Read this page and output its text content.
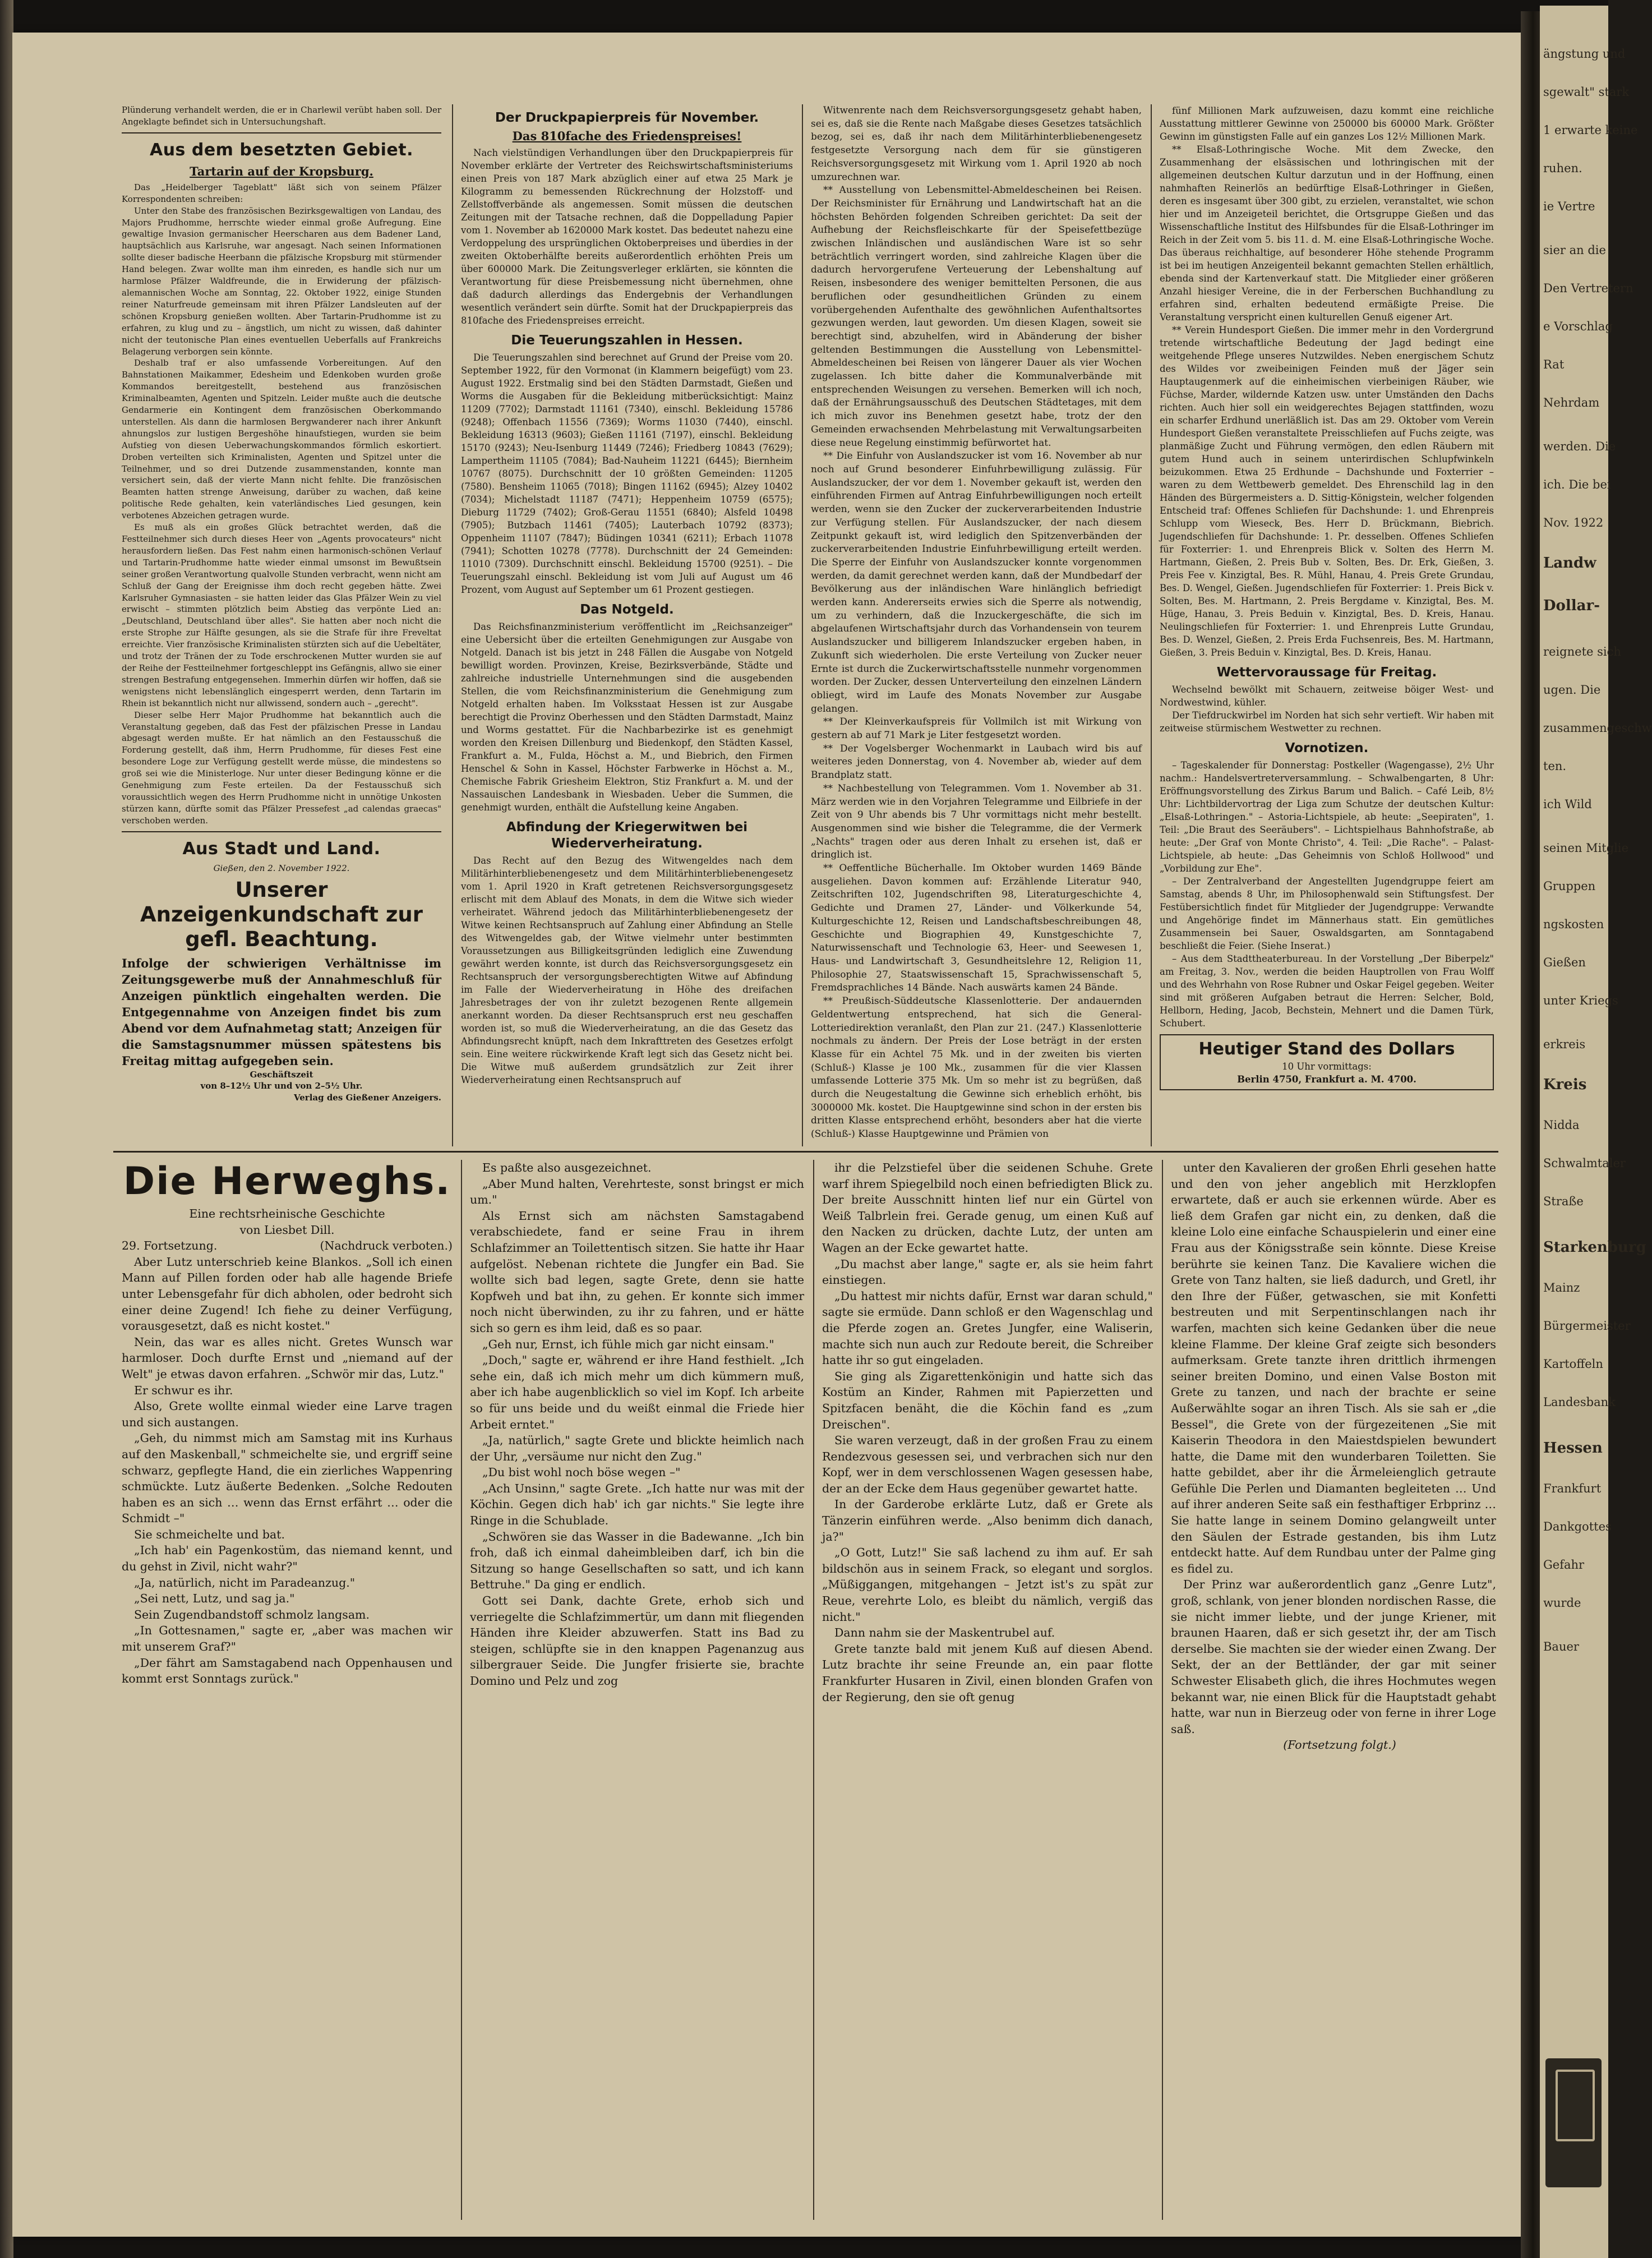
Plünderung verhandelt werden, die er in Charlewil verübt haben soll. Der Angeklagte befindet sich in Untersuchungshaft.

Aus dem besetzten Gebiet.
Tartarin auf der Kropsburg.

Das „Heidelberger Tageblatt" läßt sich von seinem Pfälzer Korrespondenten schreiben:

Unter den Stabe des französischen Bezirksgewaltigen von Landau, des Majors Prudhomme, herrschte wieder einmal große Aufregung. Eine gewaltige Invasion germanischer Heerscharen aus dem Badener Land, hauptsächlich aus Karlsruhe, war angesagt. Nach seinen Informationen sollte dieser badische Heerbann die pfälzische Kropsburg mit stürmender Hand belegen. Zwar wollte man ihm einreden, es handle sich nur um harmlose Pfälzer Waldfreunde, die in Erwiderung der pfälzisch-alemannischen Woche am Sonntag, 22. Oktober 1922, einige Stunden reiner Naturfreude gemeinsam mit ihren Pfälzer Landsleuten auf der schönen Kropsburg genießen wollten. Aber Tartarin-Prudhomme ist zu erfahren, zu klug und zu – ängstlich, um nicht zu wissen, daß dahinter nicht der teutonische Plan eines eventuellen Ueberfalls auf Frankreichs Belagerung verborgen sein könnte.

Deshalb traf er also umfassende Vorbereitungen. Auf den Bahnstationen Maikammer, Edesheim und Edenkoben wurden große Kommandos bereitgestellt, bestehend aus französischen Kriminalbeamten, Agenten und Spitzeln. Leider mußte auch die deutsche Gendarmerie ein Kontingent dem französischen Oberkommando unterstellen. Als dann die harmlosen Bergwanderer nach ihrer Ankunft ahnungslos zur lustigen Bergeshöhe hinaufstiegen, wurden sie beim Aufstieg von diesen Ueberwachungskommandos förmlich eskortiert. Droben verteilten sich Kriminalisten, Agenten und Spitzel unter die Teilnehmer, und so drei Dutzende zusammenstanden, konnte man versichert sein, daß der vierte Mann nicht fehlte. Die französischen Beamten hatten strenge Anweisung, darüber zu wachen, daß keine politische Rede gehalten, kein vaterländisches Lied gesungen, kein verbotenes Abzeichen getragen wurde.

Es muß als ein großes Glück betrachtet werden, daß die Festteilnehmer sich durch dieses Heer von „Agents provocateurs" nicht herausfordern ließen. Das Fest nahm einen harmonisch-schönen Verlauf und Tartarin-Prudhomme hatte wieder einmal umsonst im Bewußtsein seiner großen Verantwortung qualvolle Stunden verbracht, wenn nicht am Schluß der Gang der Ereignisse ihm doch recht gegeben hätte. Zwei Karlsruher Gymnasiasten – sie hatten leider das Glas Pfälzer Wein zu viel erwischt – stimmten plötzlich beim Abstieg das verpönte Lied an: „Deutschland, Deutschland über alles". Sie hatten aber noch nicht die erste Strophe zur Hälfte gesungen, als sie die Strafe für ihre Freveltat erreichte. Vier französische Kriminalisten stürzten sich auf die Uebeltäter, und trotz der Tränen der zu Tode erschrockenen Mutter wurden sie auf der Reihe der Festteilnehmer fortgeschleppt ins Gefängnis, allwo sie einer strengen Bestrafung entgegensehen. Immerhin dürfen wir hoffen, daß sie wenigstens nicht lebenslänglich eingesperrt werden, denn Tartarin im Rhein ist bekanntlich nicht nur allwissend, sondern auch – „gerecht".

Dieser selbe Herr Major Prudhomme hat bekanntlich auch die Veranstaltung gegeben, daß das Fest der pfälzischen Presse in Landau abgesagt werden mußte. Er hat nämlich an den Festausschuß die Forderung gestellt, daß ihm, Herrn Prudhomme, für dieses Fest eine besondere Loge zur Verfügung gestellt werde müsse, die mindestens so groß sei wie die Ministerloge. Nur unter dieser Bedingung könne er die Genehmigung zum Feste erteilen. Da der Festausschuß sich voraussichtlich wegen des Herrn Prudhomme nicht in unnötige Unkosten stürzen kann, dürfte somit das Pfälzer Pressefest „ad calendas graecas" verschoben werden.

Aus Stadt und Land.

Gießen, den 2. November 1922.

Unserer Anzeigenkundschaft zur gefl. Beachtung.

Infolge der schwierigen Verhältnisse im Zeitungsgewerbe muß der Annahmeschluß für Anzeigen pünktlich eingehalten werden. Die Entgegennahme von Anzeigen findet bis zum Abend vor dem Aufnahmetag statt; Anzeigen für die Samstagsnummer müssen spätestens bis Freitag mittag aufgegeben sein.

Geschäftszeit

von 8–12½ Uhr und von 2–5½ Uhr.

Verlag des Gießener Anzeigers.

Der Druckpapierpreis für November.
Das 810fache des Friedenspreises!

Nach vielstündigen Verhandlungen über den Druckpapierpreis für November erklärte der Vertreter des Reichswirtschaftsministeriums einen Preis von 187 Mark abzüglich einer auf etwa 25 Mark je Kilogramm zu bemessenden Rückrechnung der Holzstoff- und Zellstoffverbände als angemessen. Somit müssen die deutschen Zeitungen mit der Tatsache rechnen, daß die Doppelladung Papier vom 1. November ab 1620000 Mark kostet. Das bedeutet nahezu eine Verdoppelung des ursprünglichen Oktoberpreises und überdies in der zweiten Oktoberhälfte bereits außerordentlich erhöhten Preis um über 600000 Mark. Die Zeitungsverleger erklärten, sie könnten die Verantwortung für diese Preisbemessung nicht übernehmen, ohne daß dadurch allerdings das Endergebnis der Verhandlungen wesentlich verändert sein dürfte. Somit hat der Druckpapierpreis das 810fache des Friedenspreises erreicht.

Die Teuerungszahlen in Hessen.

Die Teuerungszahlen sind berechnet auf Grund der Preise vom 20. September 1922, für den Vormonat (in Klammern beigefügt) vom 23. August 1922. Erstmalig sind bei den Städten Darmstadt, Gießen und Worms die Ausgaben für die Bekleidung mitberücksichtigt: Mainz 11209 (7702); Darmstadt 11161 (7340), einschl. Bekleidung 15786 (9248); Offenbach 11556 (7369); Worms 11030 (7440), einschl. Bekleidung 16313 (9603); Gießen 11161 (7197), einschl. Bekleidung 15170 (9243); Neu-Isenburg 11449 (7246); Friedberg 10843 (7629); Lampertheim 11105 (7084); Bad-Nauheim 11221 (6445); Biernheim 10767 (8075). Durchschnitt der 10 größten Gemeinden: 11205 (7580). Bensheim 11065 (7018); Bingen 11162 (6945); Alzey 10402 (7034); Michelstadt 11187 (7471); Heppenheim 10759 (6575); Dieburg 11729 (7402); Groß-Gerau 11551 (6840); Alsfeld 10498 (7905); Butzbach 11461 (7405); Lauterbach 10792 (8373); Oppenheim 11107 (7847); Büdingen 10341 (6211); Erbach 11078 (7941); Schotten 10278 (7778). Durchschnitt der 24 Gemeinden: 11010 (7309). Durchschnitt einschl. Bekleidung 15700 (9251). – Die Teuerungszahl einschl. Bekleidung ist vom Juli auf August um 46 Prozent, vom August auf September um 61 Prozent gestiegen.

Das Notgeld.

Das Reichsfinanzministerium veröffentlicht im „Reichsanzeiger" eine Uebersicht über die erteilten Genehmigungen zur Ausgabe von Notgeld. Danach ist bis jetzt in 248 Fällen die Ausgabe von Notgeld bewilligt worden. Provinzen, Kreise, Bezirksverbände, Städte und zahlreiche industrielle Unternehmungen sind die ausgebenden Stellen, die vom Reichsfinanzministerium die Genehmigung zum Notgeld erhalten haben. Im Volksstaat Hessen ist zur Ausgabe berechtigt die Provinz Oberhessen und den Städten Darmstadt, Mainz und Worms gestattet. Für die Nachbarbezirke ist es genehmigt worden den Kreisen Dillenburg und Biedenkopf, den Städten Kassel, Frankfurt a. M., Fulda, Höchst a. M., und Biebrich, den Firmen Henschel & Sohn in Kassel, Höchster Farbwerke in Höchst a. M., Chemische Fabrik Griesheim Elektron, Stiz Frankfurt a. M. und der Nassauischen Landesbank in Wiesbaden. Ueber die Summen, die genehmigt wurden, enthält die Aufstellung keine Angaben.

Abfindung der Kriegerwitwen bei Wiederverheiratung.

Das Recht auf den Bezug des Witwengeldes nach dem Militärhinterbliebenengesetz und dem Militärhinterbliebenengesetz vom 1. April 1920 in Kraft getretenen Reichsversorgungsgesetz erlischt mit dem Ablauf des Monats, in dem die Witwe sich wieder verheiratet. Während jedoch das Militärhinterbliebenengesetz der Witwe keinen Rechtsanspruch auf Zahlung einer Abfindung an Stelle des Witwengeldes gab, der Witwe vielmehr unter bestimmten Voraussetzungen aus Billigkeitsgründen lediglich eine Zuwendung gewährt werden konnte, ist durch das Reichsversorgungsgesetz ein Rechtsanspruch der versorgungsberechtigten Witwe auf Abfindung im Falle der Wiederverheiratung in Höhe des dreifachen Jahresbetrages der von ihr zuletzt bezogenen Rente allgemein anerkannt worden. Da dieser Rechtsanspruch erst neu geschaffen worden ist, so muß die Wiederverheiratung, an die das Gesetz das Abfindungsrecht knüpft, nach dem Inkrafttreten des Gesetzes erfolgt sein. Eine weitere rückwirkende Kraft legt sich das Gesetz nicht bei. Die Witwe muß außerdem grundsätzlich zur Zeit ihrer Wiederverheiratung einen Rechtsanspruch auf

Witwenrente nach dem Reichsversorgungsgesetz gehabt haben, sei es, daß sie die Rente nach Maßgabe dieses Gesetzes tatsächlich bezog, sei es, daß ihr nach dem Militärhinterbliebenengesetz festgesetzte Versorgung nach dem für sie günstigeren Reichsversorgungsgesetz mit Wirkung vom 1. April 1920 ab noch umzurechnen war.

** Ausstellung von Lebensmittel-Abmeldescheinen bei Reisen. Der Reichsminister für Ernährung und Landwirtschaft hat an die höchsten Behörden folgenden Schreiben gerichtet: Da seit der Aufhebung der Reichsfleischkarte für der Speisefettbezüge zwischen Inländischen und ausländischen Ware ist so sehr beträchtlich verringert worden, sind zahlreiche Klagen über die dadurch hervorgerufene Verteuerung der Lebenshaltung auf Reisen, insbesondere des weniger bemittelten Personen, die aus beruflichen oder gesundheitlichen Gründen zu einem vorübergehenden Aufenthalte des gewöhnlichen Aufenthaltsortes gezwungen werden, laut geworden. Um diesen Klagen, soweit sie berechtigt sind, abzuhelfen, wird in Abänderung der bisher geltenden Bestimmungen die Ausstellung von Lebensmittel-Abmeldescheinen bei Reisen von längerer Dauer als vier Wochen zugelassen. Ich bitte daher die Kommunalverbände mit entsprechenden Weisungen zu versehen. Bemerken will ich noch, daß der Ernährungsausschuß des Deutschen Städtetages, mit dem ich mich zuvor ins Benehmen gesetzt habe, trotz der den Gemeinden erwachsenden Mehrbelastung mit Verwaltungsarbeiten diese neue Regelung einstimmig befürwortet hat.

** Die Einfuhr von Auslandszucker ist vom 16. November ab nur noch auf Grund besonderer Einfuhrbewilligung zulässig. Für Auslandszucker, der vor dem 1. November gekauft ist, werden den einführenden Firmen auf Antrag Einfuhrbewilligungen noch erteilt werden, wenn sie den Zucker der zuckerverarbeitenden Industrie zur Verfügung stellen. Für Auslandszucker, der nach diesem Zeitpunkt gekauft ist, wird lediglich den Spitzenverbänden der zuckerverarbeitenden Industrie Einfuhrbewilligung erteilt werden. Die Sperre der Einfuhr von Auslandszucker konnte vorgenommen werden, da damit gerechnet werden kann, daß der Mundbedarf der Bevölkerung aus der inländischen Ware hinlänglich befriedigt werden kann. Andererseits erwies sich die Sperre als notwendig, um zu verhindern, daß die Inzuckergeschäfte, die sich im abgelaufenen Wirtschaftsjahr durch das Vorhandensein von teurem Auslandszucker und billigerem Inlandszucker ergeben haben, in Zukunft sich wiederholen. Die erste Verteilung von Zucker neuer Ernte ist durch die Zuckerwirtschaftsstelle nunmehr vorgenommen worden. Der Zucker, dessen Unterverteilung den einzelnen Ländern obliegt, wird im Laufe des Monats November zur Ausgabe gelangen.

** Der Kleinverkaufspreis für Vollmilch ist mit Wirkung von gestern ab auf 71 Mark je Liter festgesetzt worden.

** Der Vogelsberger Wochenmarkt in Laubach wird bis auf weiteres jeden Donnerstag, von 4. November ab, wieder auf dem Brandplatz statt.

** Nachbestellung von Telegrammen. Vom 1. November ab 31. März werden wie in den Vorjahren Telegramme und Eilbriefe in der Zeit von 9 Uhr abends bis 7 Uhr vormittags nicht mehr bestellt. Ausgenommen sind wie bisher die Telegramme, die der Vermerk „Nachts" tragen oder aus deren Inhalt zu ersehen ist, daß er dringlich ist.

** Oeffentliche Bücherhalle. Im Oktober wurden 1469 Bände ausgeliehen. Davon kommen auf: Erzählende Literatur 940, Zeitschriften 102, Jugendschriften 98, Literaturgeschichte 4, Gedichte und Dramen 27, Länder- und Völkerkunde 54, Kulturgeschichte 12, Reisen und Landschaftsbeschreibungen 48, Geschichte und Biographien 49, Kunstgeschichte 7, Naturwissenschaft und Technologie 63, Heer- und Seewesen 1, Haus- und Landwirtschaft 3, Gesundheitslehre 12, Religion 11, Philosophie 27, Staatswissenschaft 15, Sprachwissenschaft 5, Fremdsprachliches 14 Bände. Nach auswärts kamen 24 Bände.

** Preußisch-Süddeutsche Klassenlotterie. Der andauernden Geldentwertung entsprechend, hat sich die General-Lotteriedirektion veranlaßt, den Plan zur 21. (247.) Klassenlotterie nochmals zu ändern. Der Preis der Lose beträgt in der ersten Klasse für ein Achtel 75 Mk. und in der zweiten bis vierten (Schluß-) Klasse je 100 Mk., zusammen für die vier Klassen umfassende Lotterie 375 Mk. Um so mehr ist zu begrüßen, daß durch die Neugestaltung die Gewinne sich erheblich erhöht, bis 3000000 Mk. kostet. Die Hauptgewinne sind schon in der ersten bis dritten Klasse entsprechend erhöht, besonders aber hat die vierte (Schluß-) Klasse Hauptgewinne und Prämien von

fünf Millionen Mark aufzuweisen, dazu kommt eine reichliche Ausstattung mittlerer Gewinne von 250000 bis 60000 Mark. Größter Gewinn im günstigsten Falle auf ein ganzes Los 12½ Millionen Mark.

** Elsaß-Lothringische Woche. Mit dem Zwecke, den Zusammenhang der elsässischen und lothringischen mit der allgemeinen deutschen Kultur darzutun und in der Hoffnung, einen nahmhaften Reinerlös an bedürftige Elsaß-Lothringer in Gießen, deren es insgesamt über 300 gibt, zu erzielen, veranstaltet, wie schon hier und im Anzeigeteil berichtet, die Ortsgruppe Gießen und das Wissenschaftliche Institut des Hilfsbundes für die Elsaß-Lothringer im Reich in der Zeit vom 5. bis 11. d. M. eine Elsaß-Lothringische Woche. Das überaus reichhaltige, auf besonderer Höhe stehende Programm ist bei im heutigen Anzeigenteil bekannt gemachten Stellen erhältlich, ebenda sind der Kartenverkauf statt. Die Mitglieder einer größeren Anzahl hiesiger Vereine, die in der Ferberschen Buchhandlung zu erfahren sind, erhalten bedeutend ermäßigte Preise. Die Veranstaltung verspricht einen kulturellen Genuß eigener Art.

** Verein Hundesport Gießen. Die immer mehr in den Vordergrund tretende wirtschaftliche Bedeutung der Jagd bedingt eine weitgehende Pflege unseres Nutzwildes. Neben energischem Schutz des Wildes vor zweibeinigen Feinden muß der Jäger sein Hauptaugenmerk auf die einheimischen vierbeinigen Räuber, wie Füchse, Marder, wildernde Katzen usw. unter Umständen den Dachs richten. Auch hier soll ein weidgerechtes Bejagen stattfinden, wozu ein scharfer Erdhund unerläßlich ist. Das am 29. Oktober vom Verein Hundesport Gießen veranstaltete Preisschliefen auf Fuchs zeigte, was planmäßige Zucht und Führung vermögen, den edlen Räubern mit gutem Hund auch in seinem unterirdischen Schlupfwinkeln beizukommen. Etwa 25 Erdhunde – Dachshunde und Foxterrier – waren zu dem Wettbewerb gemeldet. Des Ehrenschild lag in den Händen des Bürgermeisters a. D. Sittig-Königstein, welcher folgenden Entscheid traf: Offenes Schliefen für Dachshunde: 1. und Ehrenpreis Schlupp vom Wieseck, Bes. Herr D. Brückmann, Biebrich. Jugendschliefen für Dachshunde: 1. Pr. desselben. Offenes Schliefen für Foxterrier: 1. und Ehrenpreis Blick v. Solten des Herrn M. Hartmann, Gießen, 2. Preis Bub v. Solten, Bes. Dr. Erk, Gießen, 3. Preis Fee v. Kinzigtal, Bes. R. Mühl, Hanau, 4. Preis Grete Grundau, Bes. D. Wengel, Gießen. Jugendschliefen für Foxterrier: 1. Preis Bick v. Solten, Bes. M. Hartmann, 2. Preis Bergdame v. Kinzigtal, Bes. M. Hüge, Hanau, 3. Preis Beduin v. Kinzigtal, Bes. D. Kreis, Hanau. Neulingschliefen für Foxterrier: 1. und Ehrenpreis Lutte Grundau, Bes. D. Wenzel, Gießen, 2. Preis Erda Fuchsenreis, Bes. M. Hartmann, Gießen, 3. Preis Beduin v. Kinzigtal, Bes. D. Kreis, Hanau.

Wettervoraussage für Freitag.

Wechselnd bewölkt mit Schauern, zeitweise böiger West- und Nordwestwind, kühler.

Der Tiefdruckwirbel im Norden hat sich sehr vertieft. Wir haben mit zeitweise stürmischem Westwetter zu rechnen.

Vornotizen.

– Tageskalender für Donnerstag: Postkeller (Wagengasse), 2½ Uhr nachm.: Handelsvertreterversammlung. – Schwalbengarten, 8 Uhr: Eröffnungsvorstellung des Zirkus Barum und Balich. – Café Leib, 8½ Uhr: Lichtbildervortrag der Liga zum Schutze der deutschen Kultur: „Elsaß-Lothringen." – Astoria-Lichtspiele, ab heute: „Seepiraten", 1. Teil: „Die Braut des Seeräubers". – Lichtspielhaus Bahnhofstraße, ab heute: „Der Graf von Monte Christo", 4. Teil: „Die Rache". – Palast-Lichtspiele, ab heute: „Das Geheimnis von Schloß Hollwood" und „Vorbildung zur Ehe".

– Der Zentralverband der Angestellten Jugendgruppe feiert am Samstag, abends 8 Uhr, im Philosophenwald sein Stiftungsfest. Der Festübersichtlich findet für Mitglieder der Jugendgruppe: Verwandte und Angehörige findet im Männerhaus statt. Ein gemütliches Zusammensein bei Sauer, Oswaldsgarten, am Sonntagabend beschließt die Feier. (Siehe Inserat.)

– Aus dem Stadttheaterbureau. In der Vorstellung „Der Biberpelz" am Freitag, 3. Nov., werden die beiden Hauptrollen von Frau Wolff und des Wehrhahn von Rose Rubner und Oskar Feigel gegeben. Weiter sind mit größeren Aufgaben betraut die Herren: Selcher, Bold, Hellborn, Heding, Jacob, Bechstein, Mehnert und die Damen Türk, Schubert.

Heutiger Stand des Dollars

10 Uhr vormittags:

Berlin 4750, Frankfurt a. M. 4700.

Die Herweghs.

Eine rechtsrheinische Geschichte

von Liesbet Dill.

29. Fortsetzung.	(Nachdruck verboten.)

Aber Lutz unterschrieb keine Blankos. „Soll ich einen Mann auf Pillen forden oder hab alle hagende Briefe unter Lebensgefahr für dich abholen, oder bedroht sich einer deine Zugend! Ich fiehe zu deiner Verfügung, vorausgesetzt, daß es nicht kostet."

Nein, das war es alles nicht. Gretes Wunsch war harmloser. Doch durfte Ernst und „niemand auf der Welt" je etwas davon erfahren. „Schwör mir das, Lutz."

Er schwur es ihr.

Also, Grete wollte einmal wieder eine Larve tragen und sich austangen.

„Geh, du nimmst mich am Samstag mit ins Kurhaus auf den Maskenball," schmeichelte sie, und ergriff seine schwarz, gepflegte Hand, die ein zierliches Wappenring schmückte. Lutz äußerte Bedenken. „Solche Redouten haben es an sich … wenn das Ernst erfährt … oder die Schmidt –"

Sie schmeichelte und bat.

„Ich hab' ein Pagenkostüm, das niemand kennt, und du gehst in Zivil, nicht wahr?"

„Ja, natürlich, nicht im Paradeanzug."

„Sei nett, Lutz, und sag ja."

Sein Zugendbandstoff schmolz langsam.

„In Gottesnamen," sagte er, „aber was machen wir mit unserem Graf?"

„Der fährt am Samstagabend nach Oppenhausen und kommt erst Sonntags zurück."

Es paßte also ausgezeichnet.

„Aber Mund halten, Verehrteste, sonst bringst er mich um."

Als Ernst sich am nächsten Samstagabend verabschiedete, fand er seine Frau in ihrem Schlafzimmer an Toilettentisch sitzen. Sie hatte ihr Haar aufgelöst. Nebenan richtete die Jungfer ein Bad. Sie wollte sich bad legen, sagte Grete, denn sie hatte Kopfweh und bat ihn, zu gehen. Er konnte sich immer noch nicht überwinden, zu ihr zu fahren, und er hätte sich so gern es ihm leid, daß es so paar.

„Geh nur, Ernst, ich fühle mich gar nicht einsam."

„Doch," sagte er, während er ihre Hand festhielt. „Ich sehe ein, daß ich mich mehr um dich kümmern muß, aber ich habe augenblicklich so viel im Kopf. Ich arbeite so für uns beide und du weißt einmal die Friede hier Arbeit erntet."

„Ja, natürlich," sagte Grete und blickte heimlich nach der Uhr, „versäume nur nicht den Zug."

„Du bist wohl noch böse wegen –"

„Ach Unsinn," sagte Grete. „Ich hatte nur was mit der Köchin. Gegen dich hab' ich gar nichts." Sie legte ihre Ringe in die Schublade.

„Schwören sie das Wasser in die Badewanne. „Ich bin froh, daß ich einmal daheimbleiben darf, ich bin die Sitzung so hange Gesellschaften so satt, und ich kann Bettruhe." Da ging er endlich.

Gott sei Dank, dachte Grete, erhob sich und verriegelte die Schlafzimmertür, um dann mit fliegenden Händen ihre Kleider abzuwerfen. Statt ins Bad zu steigen, schlüpfte sie in den knappen Pagenanzug aus silbergrauer Seide. Die Jungfer frisierte sie, brachte Domino und Pelz und zog

ihr die Pelzstiefel über die seidenen Schuhe. Grete warf ihrem Spiegelbild noch einen befriedigten Blick zu. Der breite Ausschnitt hinten lief nur ein Gürtel von Weiß Talbrlein frei. Gerade genug, um einen Kuß auf den Nacken zu drücken, dachte Lutz, der unten am Wagen an der Ecke gewartet hatte.

„Du machst aber lange," sagte er, als sie heim fahrt einstiegen.

„Du hattest mir nichts dafür, Ernst war daran schuld," sagte sie ermüde. Dann schloß er den Wagenschlag und die Pferde zogen an. Gretes Jungfer, eine Waliserin, machte sich nun auch zur Redoute bereit, die Schreiber hatte ihr so gut eingeladen.

Sie ging als Zigarettenkönigin und hatte sich das Kostüm an Kinder, Rahmen mit Papierzetten und Spitzfacen benäht, die die Köchin fand es „zum Dreischen".

Sie waren verzeugt, daß in der großen Frau zu einem Rendezvous gesessen sei, und verbrachen sich nur den Kopf, wer in dem verschlossenen Wagen gesessen habe, der an der Ecke dem Haus gegenüber gewartet hatte.

In der Garderobe erklärte Lutz, daß er Grete als Tänzerin einführen werde. „Also benimm dich danach, ja?"

„O Gott, Lutz!" Sie saß lachend zu ihm auf. Er sah bildschön aus in seinem Frack, so elegant und sorglos. „Müßiggangen, mitgehangen – Jetzt ist's zu spät zur Reue, verehrte Lolo, es bleibt du nämlich, vergiß das nicht."

Dann nahm sie der Maskentrubel auf.

Grete tanzte bald mit jenem Kuß auf diesen Abend. Lutz brachte ihr seine Freunde an, ein paar flotte Frankfurter Husaren in Zivil, einen blonden Grafen von der Regierung, den sie oft genug

unter den Kavalieren der großen Ehrli gesehen hatte und den von jeher angeblich mit Herzklopfen erwartete, daß er auch sie erkennen würde. Aber es ließ dem Grafen gar nicht ein, zu denken, daß die kleine Lolo eine einfache Schauspielerin und einer eine Frau aus der Königsstraße sein könnte. Diese Kreise berührte sie keinen Tanz. Die Kavaliere wichen die Grete von Tanz halten, sie ließ dadurch, und Gretl, ihr den Ihre der Füßer, getwaschen, sie mit Konfetti bestreuten und mit Serpentinschlangen nach ihr warfen, machten sich keine Gedanken über die neue kleine Flamme. Der kleine Graf zeigte sich besonders aufmerksam. Grete tanzte ihren drittlich ihrmengen seiner breiten Domino, und einen Valse Boston mit Grete zu tanzen, und nach der brachte er seine Außerwählte sogar an ihren Tisch. Als sie sah er „die Bessel", die Grete von der fürgezeitenen „Sie mit Kaiserin Theodora in den Maiestdspielen bewundert hatte, die Dame mit den wunderbaren Toiletten. Sie hatte gebildet, aber ihr die Ärmeleienglich getraute Gefühle Die Perlen und Diamanten begleiteten … Und auf ihrer anderen Seite saß ein festhaftiger Erbprinz … Sie hatte lange in seinem Domino gelangweilt unter den Säulen der Estrade gestanden, bis ihm Lutz entdeckt hatte. Auf dem Rundbau unter der Palme ging es fidel zu.

Der Prinz war außerordentlich ganz „Genre Lutz", groß, schlank, von jener blonden nordischen Rasse, die sie nicht immer liebte, und der junge Kriener, mit braunen Haaren, daß er sich gesetzt ihr, der am Tisch derselbe. Sie machten sie der wieder einen Zwang. Der Sekt, der an der Bettländer, der gar mit seiner Schwester Elisabeth glich, die ihres Hochmutes wegen bekannt war, nie einen Blick für die Hauptstadt gehabt hatte, war nun in Bierzeug oder von ferne in ihrer Loge saß.

(Fortsetzung folgt.)

ängstung und
sgewalt" stark
1 erwarte keine
ruhen.
ie Vertre
sier an die
Den Vertretern
e Vorschlag
Rat
Nehrdam
werden. Die
ich. Die bei
Nov. 1922
Landw
Dollar-
reignete sich
ugen. Die
zusammengeschw
ten.
ich Wild
seinen Mitglie
Gruppen
ngskosten
Gießen
unter Kriegs
erkreis
Kreis
Nidda
Schwalmtaler
Straße
Starkenburg
Mainz
Bürgermeister
Kartoffeln
Landesbank
Hessen
Frankfurt
Dankgottes
Gefahr
wurde
Bauer
